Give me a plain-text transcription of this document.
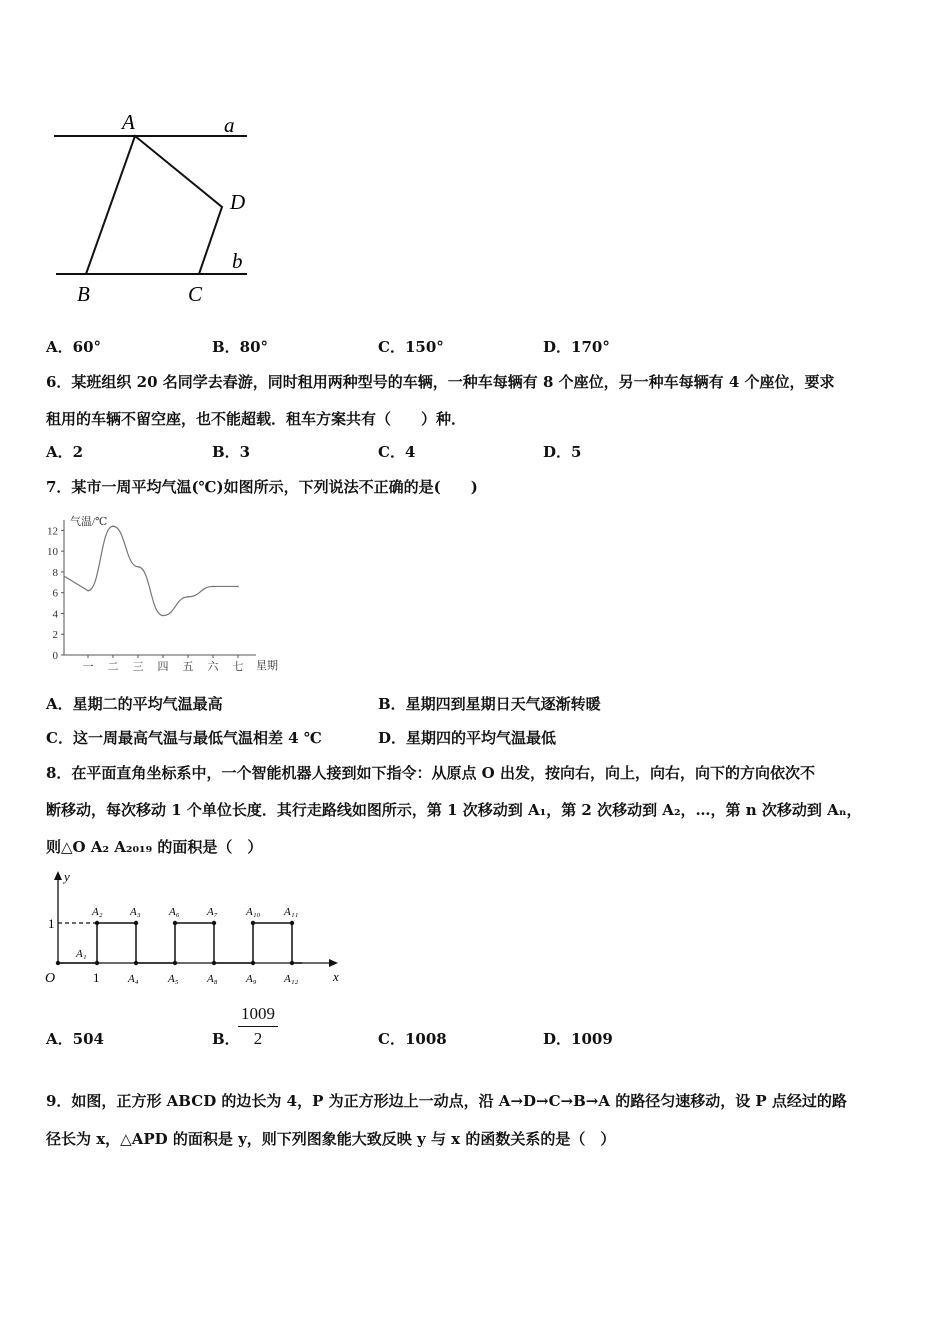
A	a
D
b
B	C
A．60°	B．80°	C．150°	D．170°
6．某班组织 20 名同学去春游，同时租用两种型号的车辆，一种车每辆有 8 个座位，另一种车每辆有 4 个座位，要求
租用的车辆不留空座，也不能超载．租车方案共有（　　）种．
A．2	B．3	C．4	D．5
7．某市一周平均气温(℃)如图所示，下列说法不正确的是(　　)
气温/℃
星期
0
2
4
6
8
10
12
一 二 三 四 五 六 七
A．星期二的平均气温最高	B．星期四到星期日天气逐渐转暖
C．这一周最高气温与最低气温相差 4 ℃	D．星期四的平均气温最低
8．在平面直角坐标系中，一个智能机器人接到如下指令：从原点 O 出发，按向右，向上，向右，向下的方向依次不
断移动，每次移动 1 个单位长度．其行走路线如图所示，第 1 次移动到 A₁，第 2 次移动到 A₂，…，第 n 次移动到 Aₙ，
则△O A₂ A₂₀₁₉ 的面积是（　）
y
x
O	1
1
A₁
A₂ A₃	A₆ A₇	A₁₀ A₁₁
A₄	A₅	A₈	A₉ A₁₂
A．504	B．
$\frac{1009}{2}$	C．1008	D．1009
9．如图，正方形 ABCD 的边长为 4，P 为正方形边上一动点，沿 A→D→C→B→A 的路径匀速移动，设 P 点经过的路
径长为 x，△APD 的面积是 y，则下列图象能大致反映 y 与 x 的函数关系的是（　）
